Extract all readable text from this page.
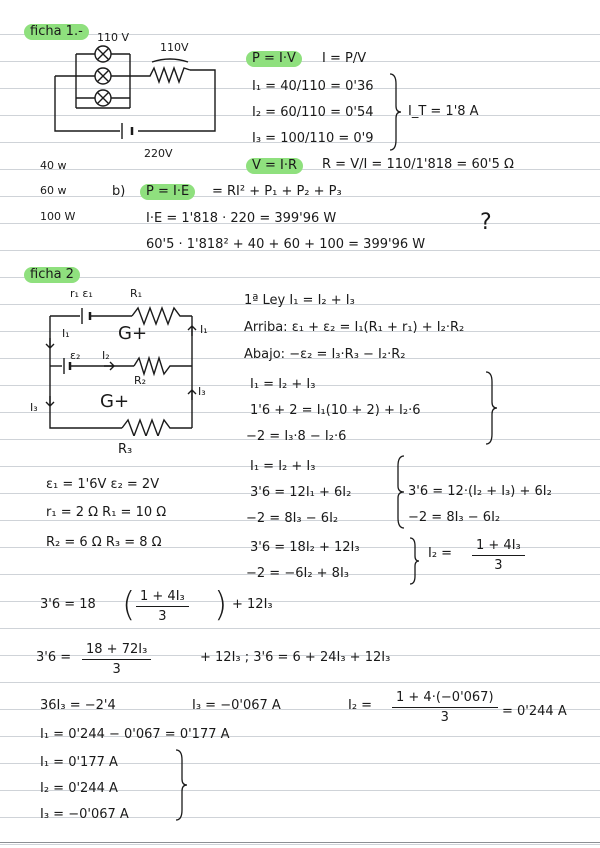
ficha 1.-	110 V
110V
220V
40 w
60 w
100 W
P = I·V	I = P/V
I₁ = 40/110 = 0'36
I₂ = 60/110 = 0'54
I₃ = 100/110 = 0'9
I_T = 1'8 A
V = I·R	R = V/I = 110/1'818 = 60'5 Ω
b)	P = I·E	= RI² + P₁ + P₂ + P₃
I·E = 1'818 · 220 = 399'96 W
60'5 · 1'818² + 40 + 60 + 100 = 399'96 W
?
ficha 2
r₁ ε₁	R₁
I₁	I₁
G+
ε₂ I₂
R₂
I₃
I₃
G+
R₃
1ª Ley I₁ = I₂ + I₃
Arriba: ε₁ + ε₂ = I₁(R₁ + r₁) + I₂·R₂
Abajo: −ε₂ = I₃·R₃ − I₂·R₂
I₁ = I₂ + I₃
1'6 + 2 = I₁(10 + 2) + I₂·6
−2 = I₃·8 − I₂·6
ε₁ = 1'6V ε₂ = 2V
r₁ = 2 Ω R₁ = 10 Ω
R₂ = 6 Ω R₃ = 8 Ω
I₁ = I₂ + I₃
3'6 = 12I₁ + 6I₂
−2 = 8I₃ − 6I₂
3'6 = 12·(I₂ + I₃) + 6I₂
−2 = 8I₃ − 6I₂
3'6 = 18I₂ + 12I₃
−2 = −6I₂ + 8I₃
$I_2 = \frac{\text{1 + 4I₃}}{3}$
3'6 = 18 ( $\frac{\text{1 + 4I₃}}{3}$ ) + 12I₃
$3'6 = \frac{\text{18 + 72I₃}}{3}$	+ 12I₃ ; 3'6 = 6 + 24I₃ + 12I₃
36I₃ = −2'4	I₃ = −0'067 A	$I_2 = \frac{1 + 4\cdot(-0'067)}{3} = 0'244$ A
I₁ = 0'244 − 0'067 = 0'177 A
I₁ = 0'177 A
I₂ = 0'244 A
I₃ = −0'067 A
